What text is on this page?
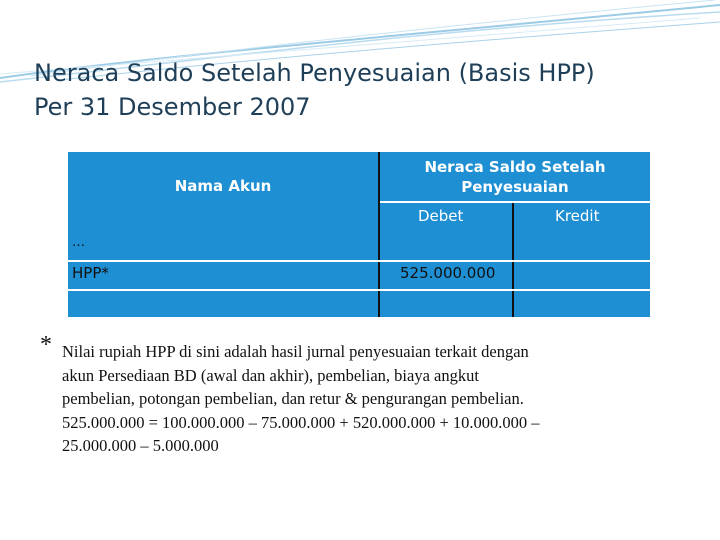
Neraca Saldo Setelah Penyesuaian (Basis HPP)
Per 31 Desember 2007
Nama Akun
Neraca Saldo Setelah
Penyesuaian
Debet	Kredit
…
HPP*	525.000.000
* Nilai rupiah HPP di sini adalah hasil jurnal penyesuaian terkait dengan
akun Persediaan BD (awal dan akhir), pembelian, biaya angkut
pembelian, potongan pembelian, dan retur & pengurangan pembelian.
525.000.000 = 100.000.000 – 75.000.000 + 520.000.000 + 10.000.000 –
25.000.000 – 5.000.000
